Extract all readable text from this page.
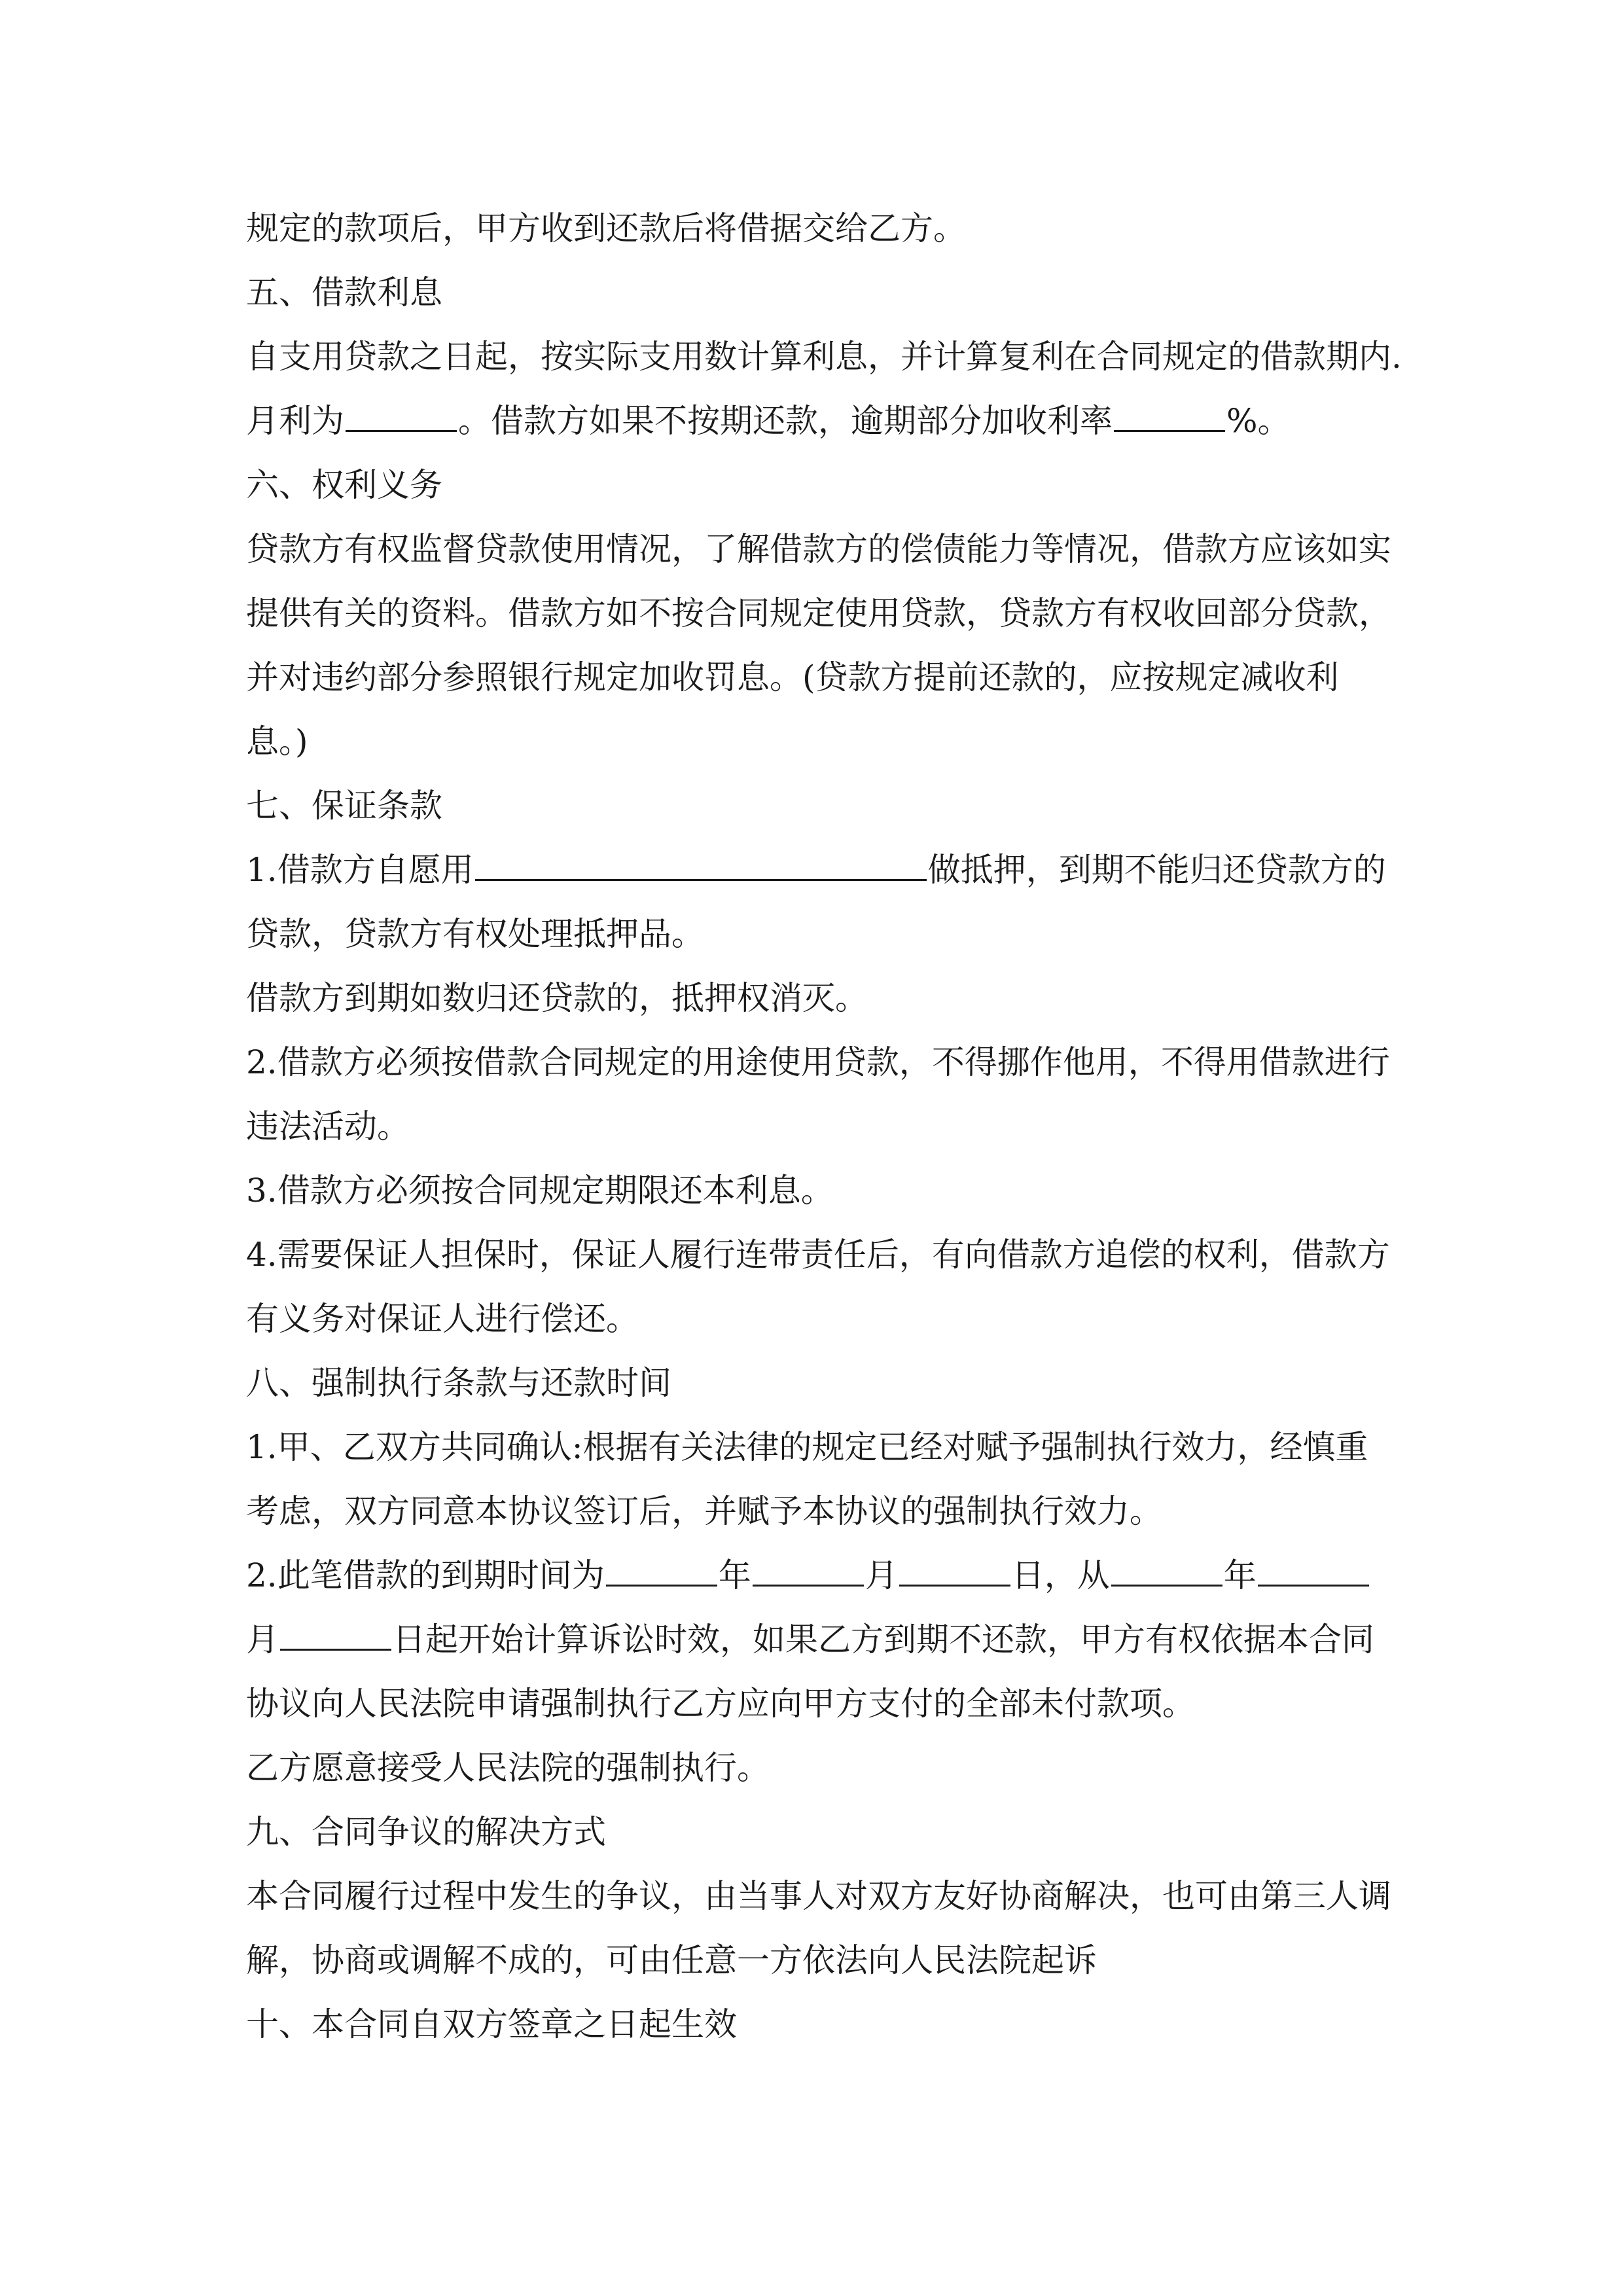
规定的款项后，甲方收到还款后将借据交给乙方。
五、借款利息
自支用贷款之日起，按实际支用数计算利息，并计算复利在合同规定的借款期内.
月利为	。借款方如果不按期还款，逾期部分加收利率	%。
六、权利义务
贷款方有权监督贷款使用情况，了解借款方的偿债能力等情况，借款方应该如实
提供有关的资料。借款方如不按合同规定使用贷款，贷款方有权收回部分贷款，
并对违约部分参照银行规定加收罚息。(贷款方提前还款的，应按规定减收利
息。)
七、保证条款
1.借款方自愿用	做抵押，到期不能归还贷款方的
贷款，贷款方有权处理抵押品。
借款方到期如数归还贷款的，抵押权消灭。
2.借款方必须按借款合同规定的用途使用贷款，不得挪作他用，不得用借款进行
违法活动。
3.借款方必须按合同规定期限还本利息。
4.需要保证人担保时，保证人履行连带责任后，有向借款方追偿的权利，借款方
有义务对保证人进行偿还。
八、强制执行条款与还款时间
1.甲、乙双方共同确认:根据有关法律的规定已经对赋予强制执行效力，经慎重
考虑，双方同意本协议签订后，并赋予本协议的强制执行效力。
2.此笔借款的到期时间为	年	月	日，从	年
月	日起开始计算诉讼时效，如果乙方到期不还款，甲方有权依据本合同
协议向人民法院申请强制执行乙方应向甲方支付的全部未付款项。
乙方愿意接受人民法院的强制执行。
九、合同争议的解决方式
本合同履行过程中发生的争议，由当事人对双方友好协商解决，也可由第三人调
解，协商或调解不成的，可由任意一方依法向人民法院起诉
十、本合同自双方签章之日起生效
